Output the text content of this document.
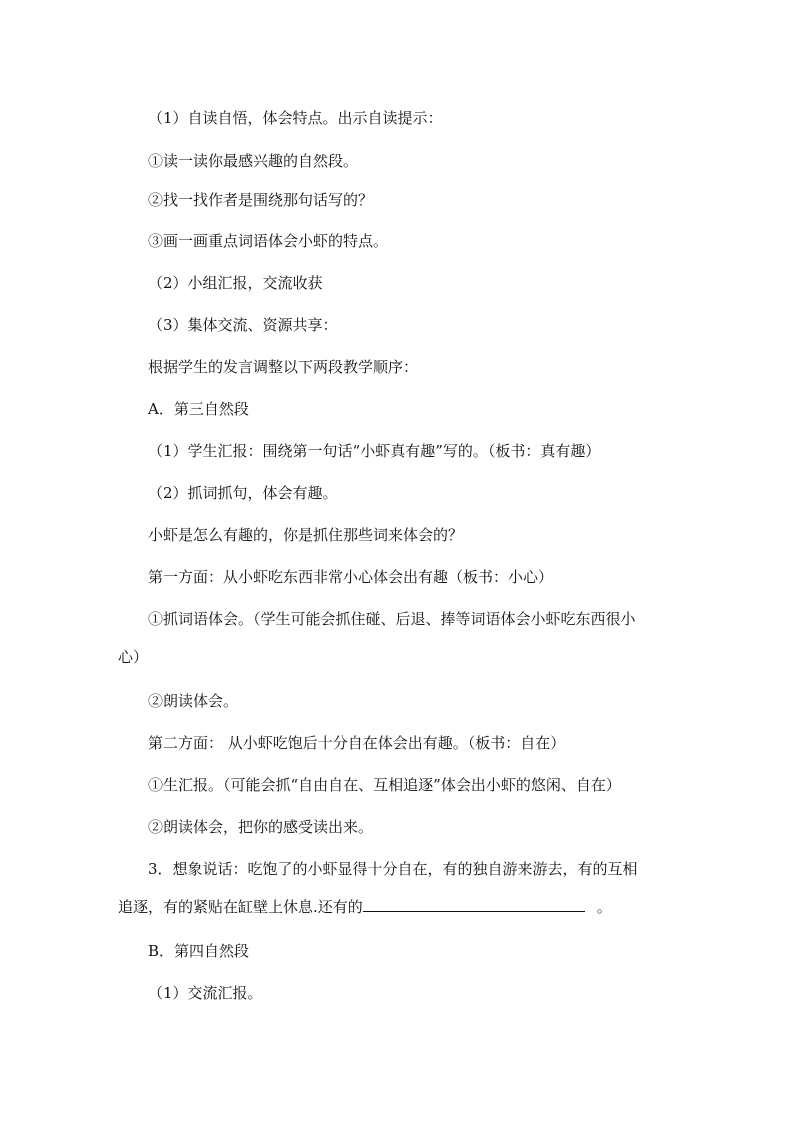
（1）自读自悟，体会特点。出示自读提示：
①读一读你最感兴趣的自然段。
②找一找作者是围绕那句话写的？
③画一画重点词语体会小虾的特点。
（2）小组汇报，交流收获
（3）集体交流、资源共享：
根据学生的发言调整以下两段教学顺序：
A．第三自然段
（1）学生汇报：围绕第一句话“小虾真有趣”写的。（板书：真有趣）
（2）抓词抓句，体会有趣。
小虾是怎么有趣的，你是抓住那些词来体会的？
第一方面：从小虾吃东西非常小心体会出有趣（板书：小心）
①抓词语体会。（学生可能会抓住碰、后退、捧等词语体会小虾吃东西很小
心）
②朗读体会。
第二方面： 从小虾吃饱后十分自在体会出有趣。（板书：自在）
①生汇报。（可能会抓“自由自在、互相追逐”体会出小虾的悠闲、自在）
②朗读体会，把你的感受读出来。
3．想象说话：吃饱了的小虾显得十分自在，有的独自游来游去，有的互相
追逐，有的紧贴在缸壁上休息.还有的	。
B．第四自然段
（1）交流汇报。
